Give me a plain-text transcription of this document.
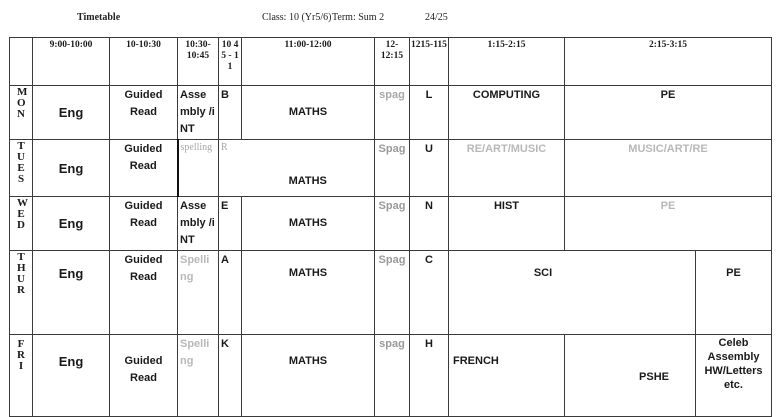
Timetable	Class: 10 (Yr5/6) Term: Sum 2	24/25
	9:00-10:00	10-10:30	10:30-10:45	10 45 - 11	11:00-12:00	12-12:15	1215-115	1:15-2:15	2:15-3:15	

MON	Eng	Guided Read	Assembly /iNT	B	MATHS	spag	L	COMPUTING	PE	

TUES	Eng	Guided Read	spelling	R	MATHS	Spag	U	RE/ART/MUSIC	MUSIC/ART/RE	

WED	Eng	Guided Read	Assembly /iNT	E	MATHS	Spag	N	HIST	PE	

THUR	Eng	Guided Read	Spelling	A	MATHS	Spag	C	SCI		PE

FRI	Eng	Guided Read	Spelling	K	MATHS	spag	H	FRENCH	PSHE	Celeb Assembly HW/Letters etc.
